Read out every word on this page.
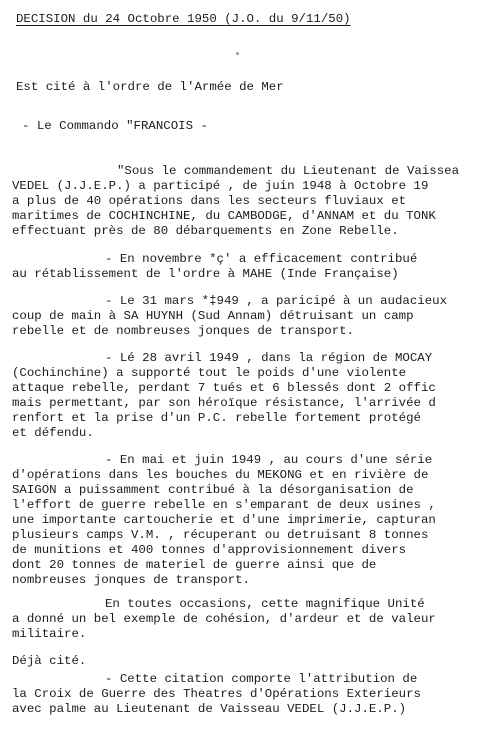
DECISION du 24 Octobre 1950 (J.O. du 9/11/50)
Est cité à l'ordre de l'Armée de Mer
- Le Commando "FRANCOIS -
"Sous le commandement du Lieutenant de Vaissea
VEDEL (J.J.E.P.) a participé , de juin 1948 à Octobre 19
a plus de 40 opérations dans les secteurs fluviaux et
maritimes de COCHINCHINE, du CAMBODGE, d'ANNAM et du TONK
effectuant près de 80 débarquements en Zone Rebelle.
- En novembre *ç' a efficacement contribué
au rétablissement de l'ordre à MAHE (Inde Française)
- Le 31 mars *‡949 , a paricipé à un audacieux
coup de main à SA HUYNH (Sud Annam) détruisant un camp
rebelle et de nombreuses jonques de transport.
- Lé 28 avril 1949 , dans la région de MOCAY
(Cochinchine) a supporté tout le poids d'une violente
attaque rebelle, perdant 7 tués et 6 blessés dont 2 offic
mais permettant, par son héroïque résistance, l'arrivée d
renfort et la prise d'un P.C. rebelle fortement protégé
et défendu.
- En mai et juin 1949 , au cours d'une série
d'opérations dans les bouches du MEKONG et en rivière de
SAIGON a puissamment contribué à la désorganisation de
l'effort de guerre rebelle en s'emparant de deux usines ,
une importante cartoucherie et d'une imprimerie, capturan
plusieurs camps V.M. , récuperant ou detruisant 8 tonnes
de munitions et 400 tonnes d'approvisionnement divers
dont 20 tonnes de materiel de guerre ainsi que de
nombreuses jonques de transport.
En toutes occasions, cette magnifique Unité
a donné un bel exemple de cohésion, d'ardeur et de valeur
militaire.
Déjà cité.
- Cette citation comporte l'attribution de
la Croix de Guerre des Theatres d'Opérations Exterieurs
avec palme au Lieutenant de Vaisseau VEDEL (J.J.E.P.)
